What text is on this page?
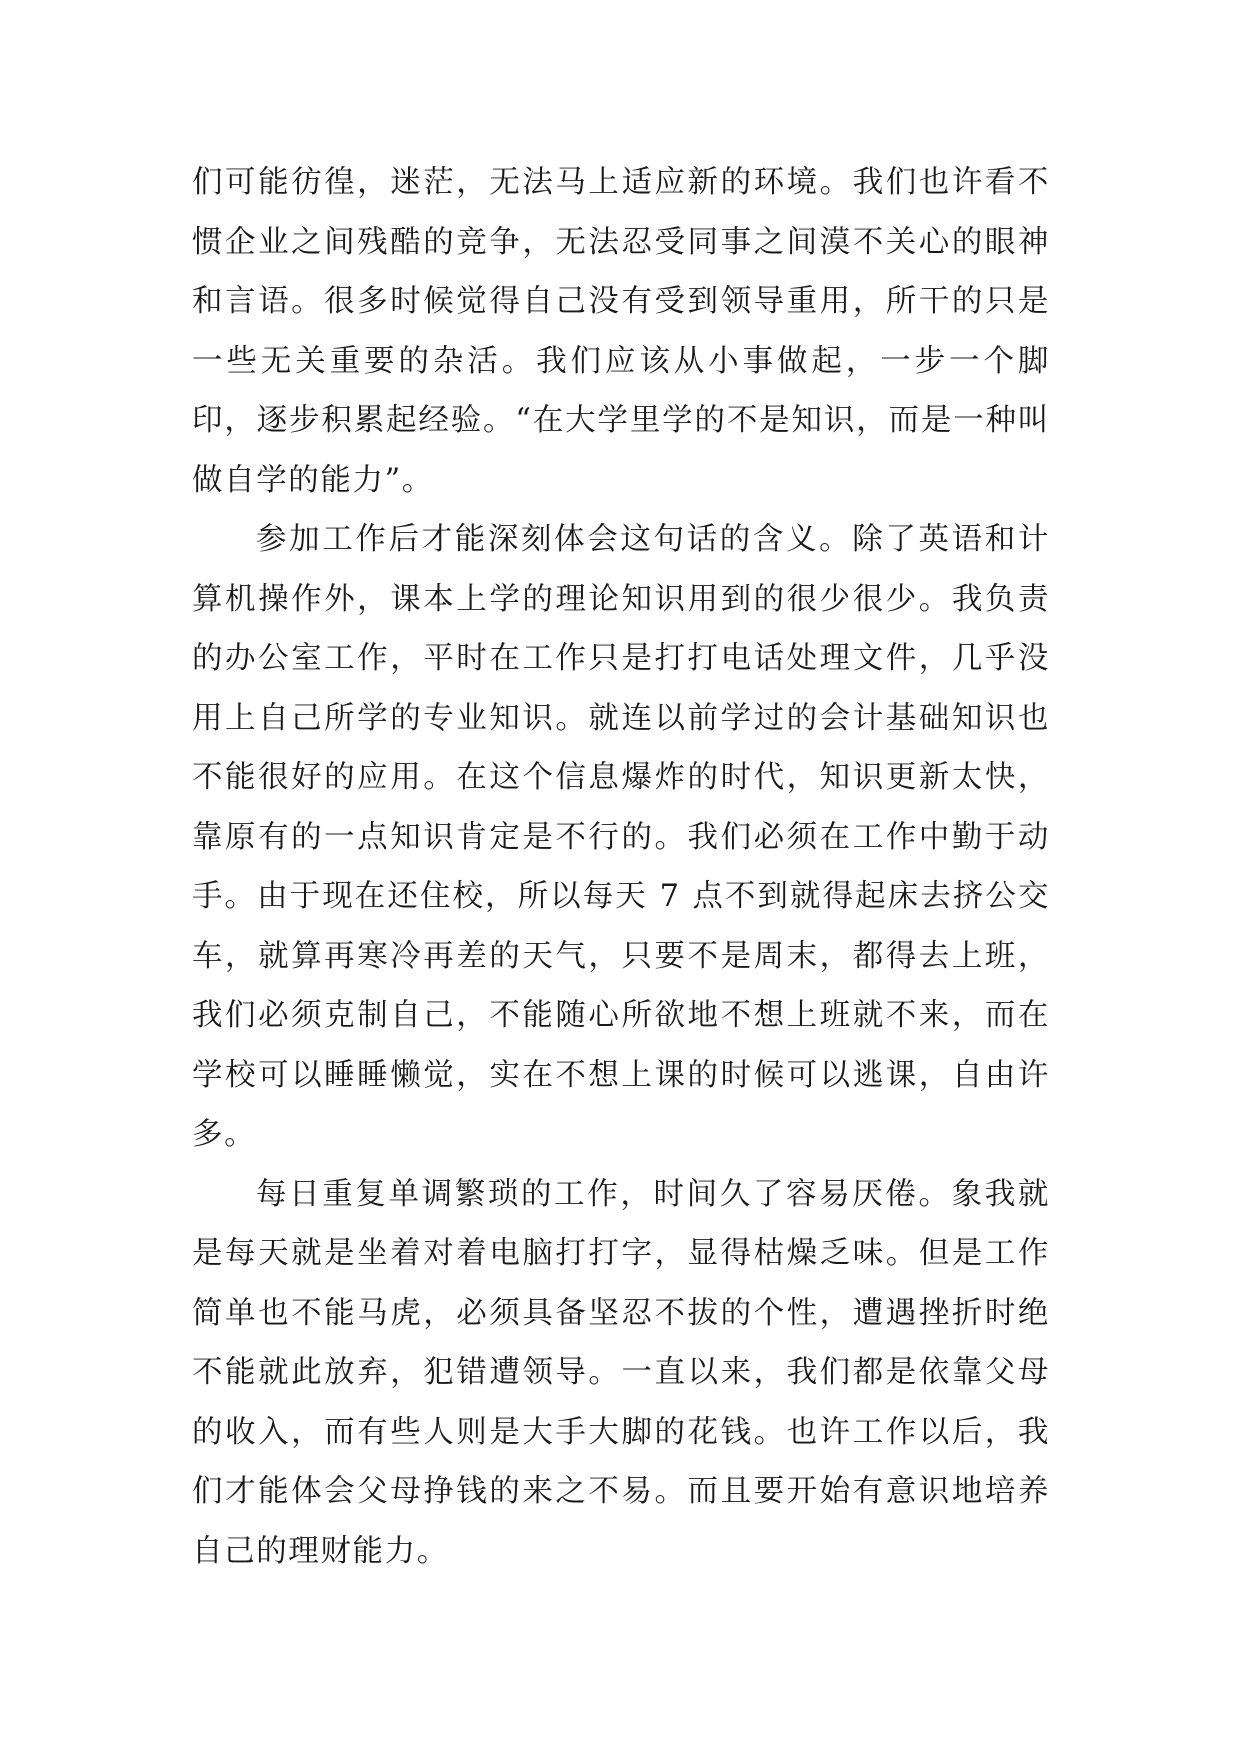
们可能彷徨，迷茫，无法马上适应新的环境。我们也许看不惯企业之间残酷的竞争，无法忍受同事之间漠不关心的眼神和言语。很多时候觉得自己没有受到领导重用，所干的只是一些无关重要的杂活。我们应该从小事做起，一步一个脚印，逐步积累起经验。“在大学里学的不是知识，而是一种叫做自学的能力”。

参加工作后才能深刻体会这句话的含义。除了英语和计算机操作外，课本上学的理论知识用到的很少很少。我负责的办公室工作，平时在工作只是打打电话处理文件，几乎没用上自己所学的专业知识。就连以前学过的会计基础知识也不能很好的应用。在这个信息爆炸的时代，知识更新太快，靠原有的一点知识肯定是不行的。我们必须在工作中勤于动手。由于现在还住校，所以每天 7 点不到就得起床去挤公交车，就算再寒冷再差的天气，只要不是周末，都得去上班，我们必须克制自己，不能随心所欲地不想上班就不来，而在学校可以睡睡懒觉，实在不想上课的时候可以逃课，自由许多。

每日重复单调繁琐的工作，时间久了容易厌倦。象我就是每天就是坐着对着电脑打打字，显得枯燥乏味。但是工作简单也不能马虎，必须具备坚忍不拔的个性，遭遇挫折时绝不能就此放弃，犯错遭领导。一直以来，我们都是依靠父母的收入，而有些人则是大手大脚的花钱。也许工作以后，我们才能体会父母挣钱的来之不易。而且要开始有意识地培养自己的理财能力。
